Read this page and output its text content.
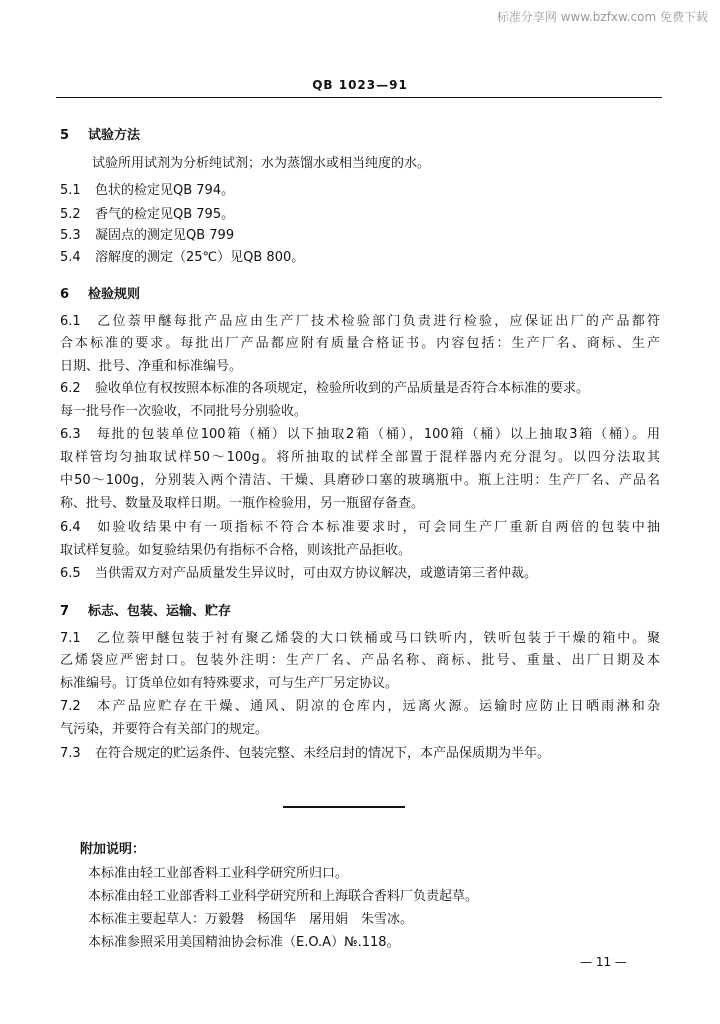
标准分享网 www.bzfxw.com 免费下载
QB 1023—91
5 试验方法
试验所用试剂为分析纯试剂；水为蒸馏水或相当纯度的水。
5.1 色状的检定见QB 794。
5.2 香气的检定见QB 795。
5.3 凝固点的测定见QB 799
5.4 溶解度的测定（25℃）见QB 800。
6 检验规则
6.1 乙位萘甲醚每批产品应由生产厂技术检验部门负责进行检验，应保证出厂的产品都符
合本标准的要求。每批出厂产品都应附有质量合格证书。内容包括：生产厂名、商标、生产
日期、批号、净重和标准编号。
6.2 验收单位有权按照本标准的各项规定，检验所收到的产品质量是否符合本标准的要求。
每一批号作一次验收，不同批号分别验收。
6.3 每批的包装单位100箱（桶）以下抽取2箱（桶），100箱（桶）以上抽取3箱（桶）。用
取样管均匀抽取试样50～100g。将所抽取的试样全部置于混样器内充分混匀。以四分法取其
中50～100g，分别装入两个清洁、干燥、具磨砂口塞的玻璃瓶中。瓶上注明：生产厂名、产品名
称、批号、数量及取样日期。一瓶作检验用，另一瓶留存备查。
6.4 如验收结果中有一项指标不符合本标准要求时，可会同生产厂重新自两倍的包装中抽
取试样复验。如复验结果仍有指标不合格，则该批产品拒收。
6.5 当供需双方对产品质量发生异议时，可由双方协议解决，或邀请第三者仲裁。
7 标志、包装、运输、贮存
7.1 乙位萘甲醚包装于衬有聚乙烯袋的大口铁桶或马口铁听内，铁听包装于干燥的箱中。聚
乙烯袋应严密封口。包装外注明：生产厂名、产品名称、商标、批号、重量、出厂日期及本
标准编号。订货单位如有特殊要求，可与生产厂另定协议。
7.2 本产品应贮存在干燥、通风、阴凉的仓库内，远离火源。运输时应防止日晒雨淋和杂
气污染，并要符合有关部门的规定。
7.3 在符合规定的贮运条件、包装完整、未经启封的情况下，本产品保质期为半年。
附加说明：
本标准由轻工业部香料工业科学研究所归口。
本标准由轻工业部香料工业科学研究所和上海联合香料厂负责起草。
本标准主要起草人：万毅磐　杨国华　屠用娟　朱雪冰。
本标准参照采用美国精油协会标准（E.O.A）№.118。
— 11 —
